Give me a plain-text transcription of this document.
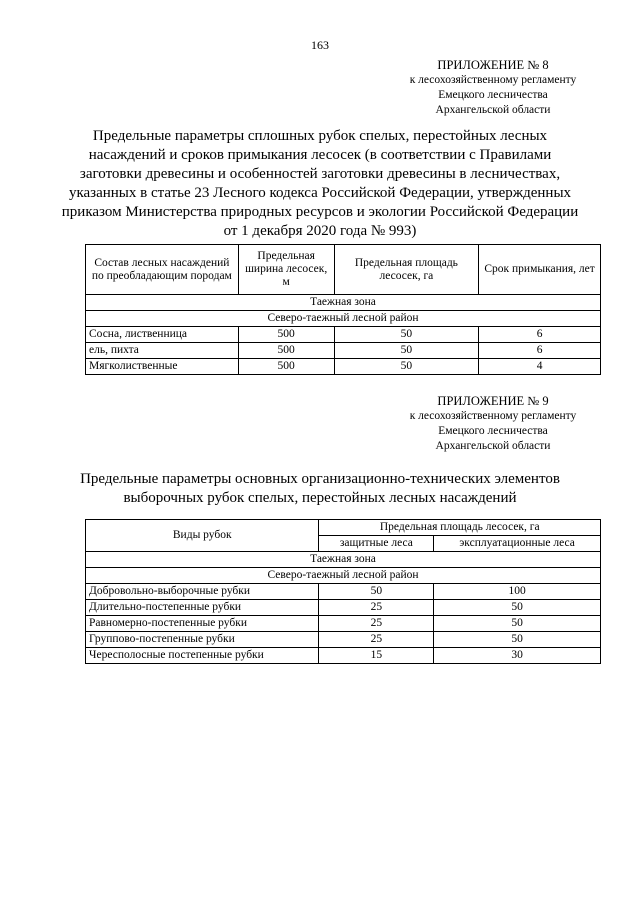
163
ПРИЛОЖЕНИЕ № 8
к лесохозяйственному регламенту
Емецкого лесничества
Архангельской области
Предельные параметры сплошных рубок спелых, перестойных лесных насаждений и сроков примыкания лесосек (в соответствии с Правилами заготовки древесины и особенностей заготовки древесины в лесничествах, указанных в статье 23 Лесного кодекса Российской Федерации, утвержденных приказом Министерства природных ресурсов и экологии Российской Федерации от 1 декабря 2020 года № 993)
Состав лесных насаждений по преобладающим породам	Предельная ширина лесосек, м	Предельная площадь лесосек, га	Срок примыкания, лет
Таежная зона			
Северо-таежный лесной район			
Сосна, лиственница	500	50	6
ель, пихта	500	50	6
Мягколиственные	500	50	4
ПРИЛОЖЕНИЕ № 9
к лесохозяйственному регламенту
Емецкого лесничества
Архангельской области
Предельные параметры основных организационно-технических элементов выборочных рубок спелых, перестойных лесных насаждений
Виды рубок	Предельная площадь лесосек, га	
	защитные леса	эксплуатационные леса
Таежная зона		
Северо-таежный лесной район		
Добровольно-выборочные рубки	50	100
Длительно-постепенные рубки	25	50
Равномерно-постепенные рубки	25	50
Группово-постепенные рубки	25	50
Чересполосные постепенные рубки	15	30
